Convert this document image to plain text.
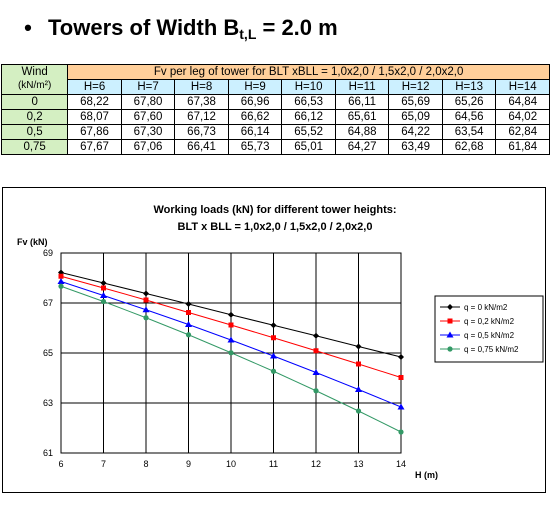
• Towers of Width $B_{t,L} = 2.0$ m
Wind
(kN/m²)	Fv per leg of tower for BLT xBLL = 1,0x2,0 / 1,5x2,0 / 2,0x2,0								
	H=6	H=7	H=8	H=9	H=10	H=11	H=12	H=13	H=14
0	68,22	67,80	67,38	66,96	66,53	66,11	65,69	65,26	64,84
0,2	68,07	67,60	67,12	66,62	66,12	65,61	65,09	64,56	64,02
0,5	67,86	67,30	66,73	66,14	65,52	64,88	64,22	63,54	62,84
0,75	67,67	67,06	66,41	65,73	65,01	64,27	63,49	62,68	61,84
Working loads (kN) for different tower heights:
BLT x BLL = 1,0x2,0 / 1,5x2,0 / 2,0x2,0
Fv (kN)
H (m)
6	7	8	9	10	11	12	13	14
61
63
65
67
69
q = 0 kN/m2
q = 0,2 kN/m2
q = 0,5 kN/m2
q = 0,75 kN/m2
